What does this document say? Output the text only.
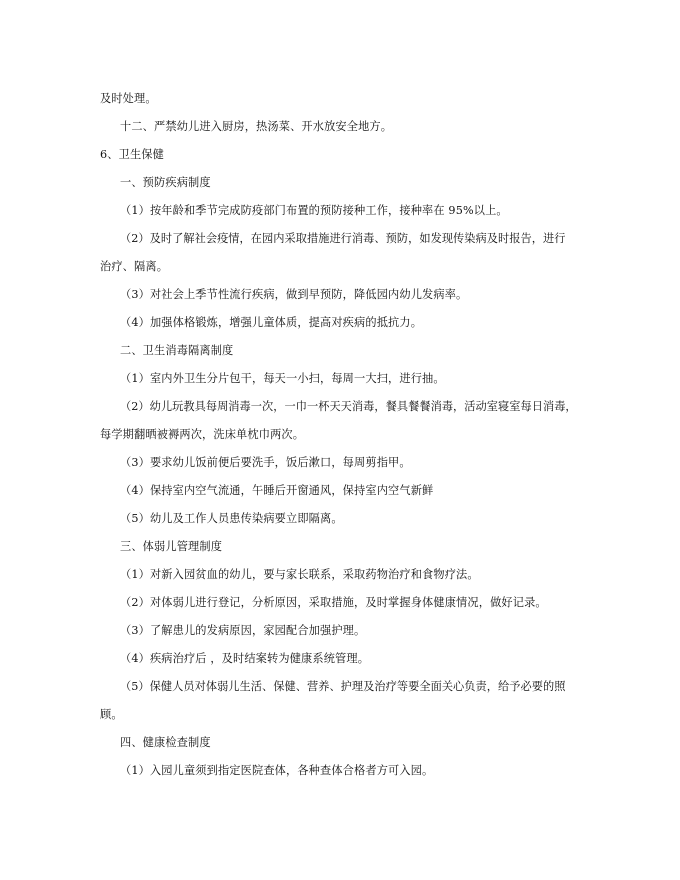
及时处理。
十二、严禁幼儿进入厨房，热汤菜、开水放安全地方。
6、卫生保健
一、预防疾病制度
（1）按年龄和季节完成防疫部门布置的预防接种工作，接种率在 95%以上。
（2）及时了解社会疫情，在园内采取措施进行消毒、预防，如发现传染病及时报告，进行
治疗、隔离。
（3）对社会上季节性流行疾病，做到早预防，降低园内幼儿发病率。
（4）加强体格锻炼，增强儿童体质，提高对疾病的抵抗力。
二、卫生消毒隔离制度
（1）室内外卫生分片包干，每天一小扫，每周一大扫，进行抽。
（2）幼儿玩教具每周消毒一次，一巾一杯天天消毒，餐具餐餐消毒，活动室寝室每日消毒，
每学期翻晒被褥两次，洗床单枕巾两次。
（3）要求幼儿饭前便后要洗手，饭后漱口，每周剪指甲。
（4）保持室内空气流通，午睡后开窗通风，保持室内空气新鲜
（5）幼儿及工作人员患传染病要立即隔离。
三、体弱儿管理制度
（1）对新入园贫血的幼儿，要与家长联系，采取药物治疗和食物疗法。
（2）对体弱儿进行登记，分析原因，采取措施，及时掌握身体健康情况，做好记录。
（3）了解患儿的发病原因，家园配合加强护理。
（4）疾病治疗后 ，及时结案转为健康系统管理。
（5）保健人员对体弱儿生活、保健、营养、护理及治疗等要全面关心负责，给予必要的照
顾。
四、健康检查制度
（1）入园儿童须到指定医院查体，各种查体合格者方可入园。
